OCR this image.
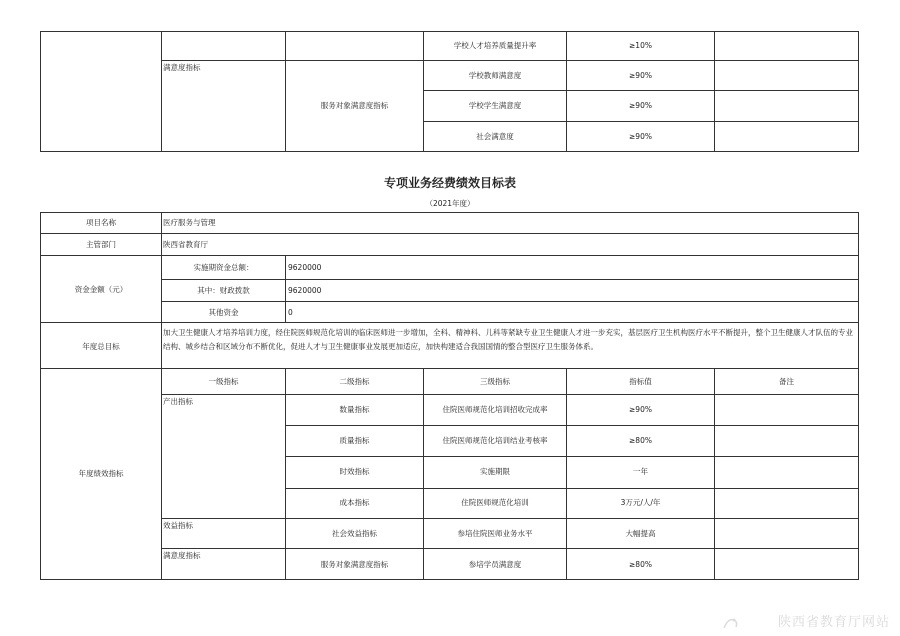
学校人才培养质量提升率	≥10%
满意度指标
服务对象满意度指标
学校教师满意度	≥90%
学校学生满意度	≥90%
社会满意度	≥90%
专项业务经费绩效目标表
（2021年度）
项目名称	医疗服务与管理
主管部门	陕西省教育厅
资金金额（元）
实施期资金总额：	9620000
其中：财政拨款	9620000
其他资金	0
年度总目标
加大卫生健康人才培养培训力度，经住院医师规范化培训的临床医师进一步增加，全科、精神科、儿科等紧缺专业卫生健康人才进一步充实，基层医疗卫生机构医疗水平不断提升，整个卫生健康人才队伍的专业结构、城乡结合和区域分布不断优化，促进人才与卫生健康事业发展更加适应，加快构建适合我国国情的整合型医疗卫生服务体系。
年度绩效指标
一级指标	二级指标	三级指标	指标值	备注
产出指标
数量指标	住院医师规范化培训招收完成率	≥90%
质量指标	住院医师规范化培训结业考核率	≥80%
时效指标	实施期限	一年
成本指标	住院医师规范化培训	3万元/人/年
效益指标
社会效益指标	参培住院医师业务水平	大幅提高
满意度指标
服务对象满意度指标	参培学员满意度	≥80%
陕西省教育厅网站
